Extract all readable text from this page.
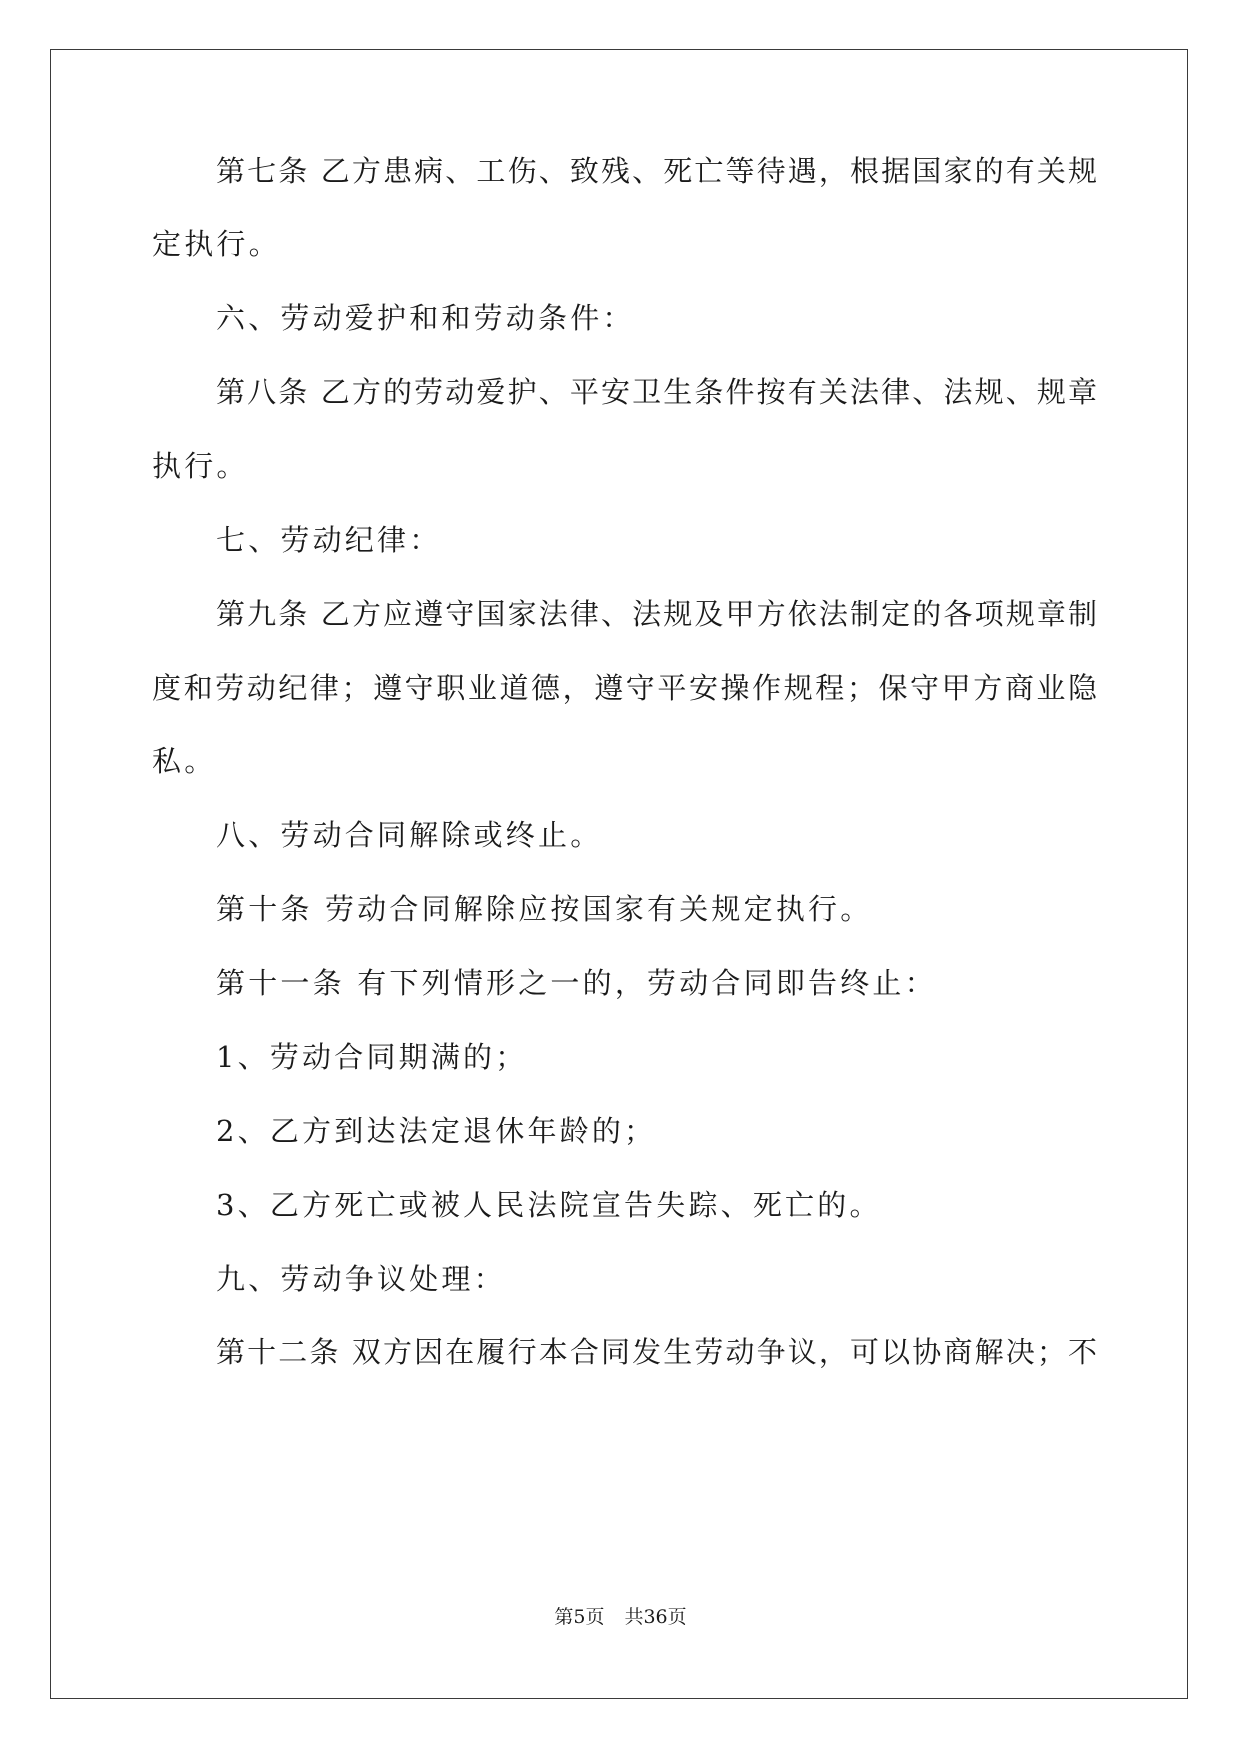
第七条 乙方患病、工伤、致残、死亡等待遇，根据国家的有关规
定执行。
六、劳动爱护和和劳动条件：
第八条 乙方的劳动爱护、平安卫生条件按有关法律、法规、规章
执行。
七、劳动纪律：
第九条 乙方应遵守国家法律、法规及甲方依法制定的各项规章制
度和劳动纪律；遵守职业道德，遵守平安操作规程；保守甲方商业隐
私。
八、劳动合同解除或终止。
第十条 劳动合同解除应按国家有关规定执行。
第十一条 有下列情形之一的，劳动合同即告终止：
1、劳动合同期满的；
2、乙方到达法定退休年龄的；
3、乙方死亡或被人民法院宣告失踪、死亡的。
九、劳动争议处理：
第十二条 双方因在履行本合同发生劳动争议，可以协商解决；不
第5页 共36页
